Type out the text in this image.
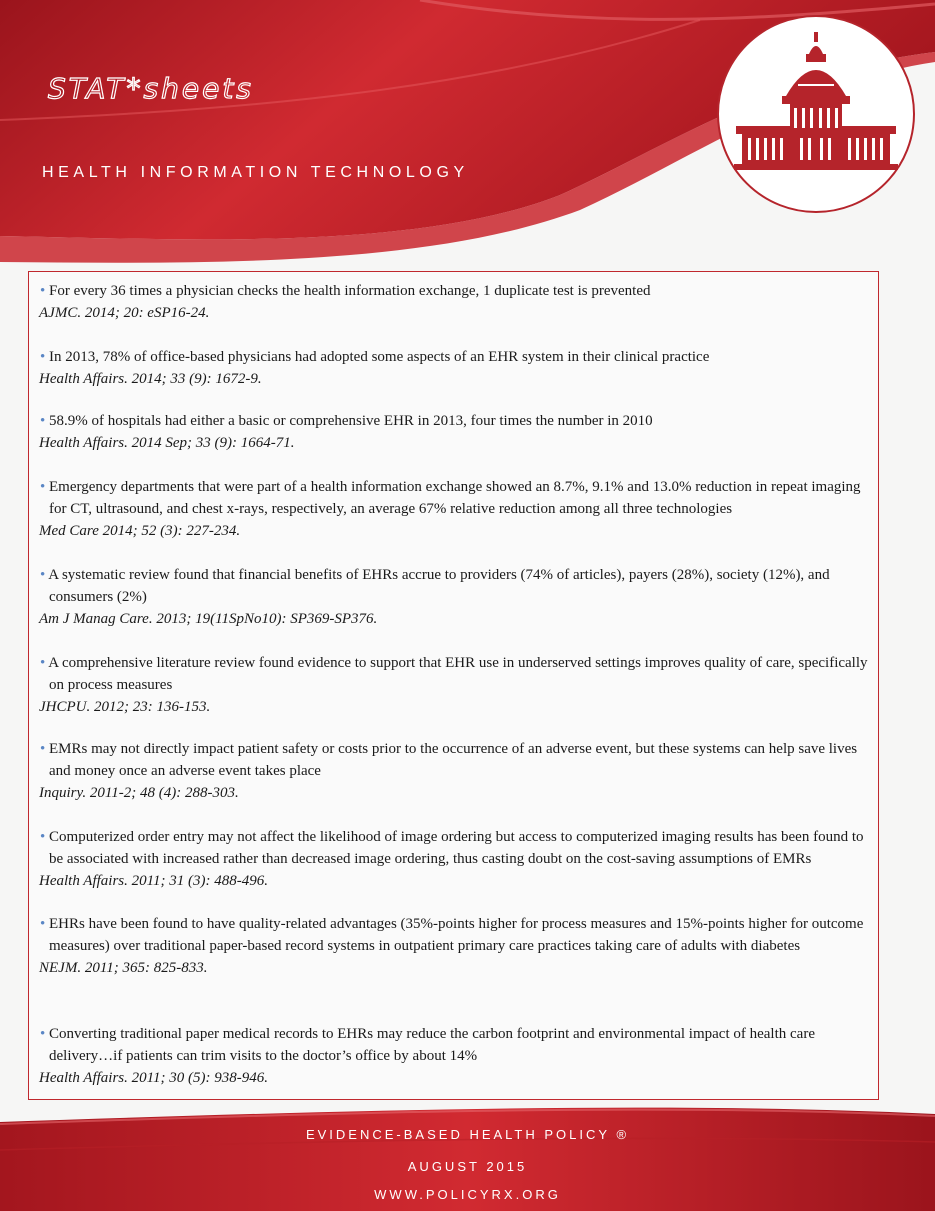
STAT*sheets
HEALTH INFORMATION TECHNOLOGY
• For every 36 times a physician checks the health information exchange, 1 duplicate test is prevented
AJMC. 2014; 20: eSP16-24.
• In 2013, 78% of office-based physicians had adopted some aspects of an EHR system in their clinical practice
Health Affairs. 2014; 33 (9): 1672-9.
• 58.9% of hospitals had either a basic or comprehensive EHR in 2013, four times the number in 2010
Health Affairs. 2014 Sep; 33 (9): 1664-71.
• Emergency departments that were part of a health information exchange showed an 8.7%, 9.1% and 13.0% reduction in repeat imaging for CT, ultrasound, and chest x-rays, respectively, an average 67% relative reduction among all three technologies
Med Care 2014; 52 (3): 227-234.
• A systematic review found that financial benefits of EHRs accrue to providers (74% of articles), payers (28%), society (12%), and consumers (2%)
Am J Manag Care. 2013; 19(11SpNo10): SP369-SP376.
• A comprehensive literature review found evidence to support that EHR use in underserved settings improves quality of care, specifically on process measures
JHCPU. 2012; 23: 136-153.
• EMRs may not directly impact patient safety or costs prior to the occurrence of an adverse event, but these systems can help save lives and money once an adverse event takes place
Inquiry. 2011-2; 48 (4): 288-303.
• Computerized order entry may not affect the likelihood of image ordering but access to computerized imaging results has been found to be associated with increased rather than decreased image ordering, thus casting doubt on the cost-saving assumptions of EMRs
Health Affairs. 2011; 31 (3): 488-496.
• EHRs have been found to have quality-related advantages (35%-points higher for process measures and 15%-points higher for outcome measures) over traditional paper-based record systems in outpatient primary care practices taking care of adults with diabetes
NEJM. 2011; 365: 825-833.
• Converting traditional paper medical records to EHRs may reduce the carbon footprint and environmental impact of health care delivery…if patients can trim visits to the doctor’s office by about 14%
Health Affairs. 2011; 30 (5): 938-946.
EVIDENCE-BASED HEALTH POLICY ®
AUGUST 2015
WWW.POLICYRX.ORG
